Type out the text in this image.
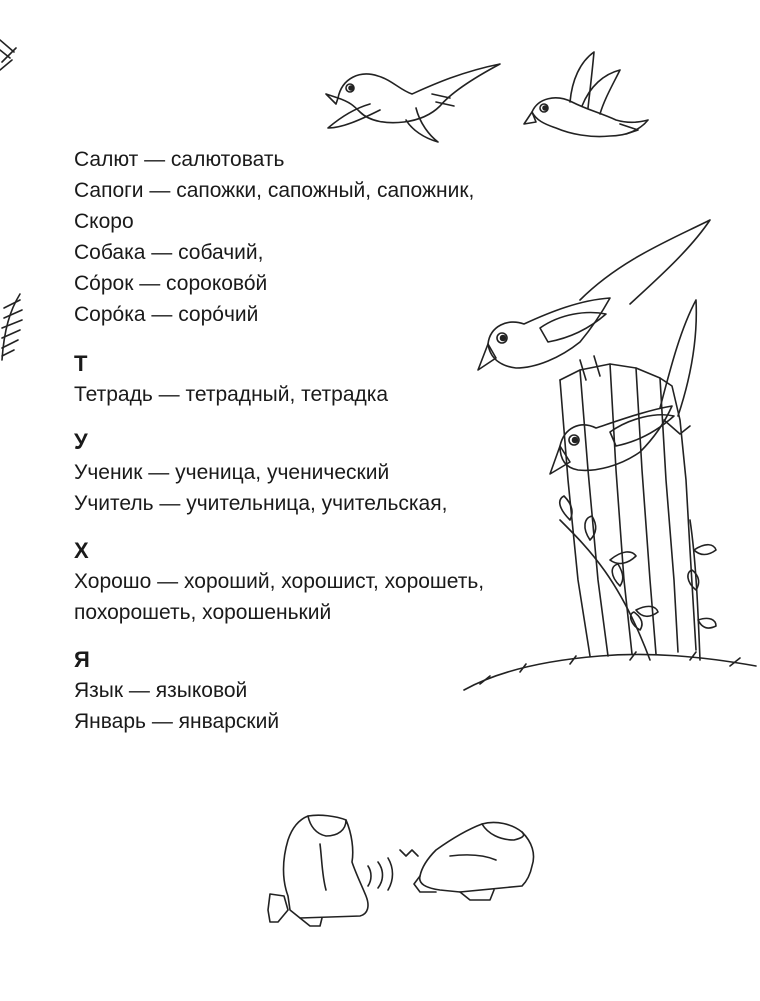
Салют — салютовать
Сапоги — сапожки, сапожный, сапожник,
Скоро
Собака — собачий,
Со́рок — сороково́й
Соро́ка — соро́чий
Т
Тетрадь — тетрадный, тетрадка
У
Ученик — ученица, ученический
Учитель — учительница, учительская,
Х
Хорошо — хороший, хорошист, хорошеть,
похорошеть, хорошенький
Я
Язык — языковой
Январь — январский
